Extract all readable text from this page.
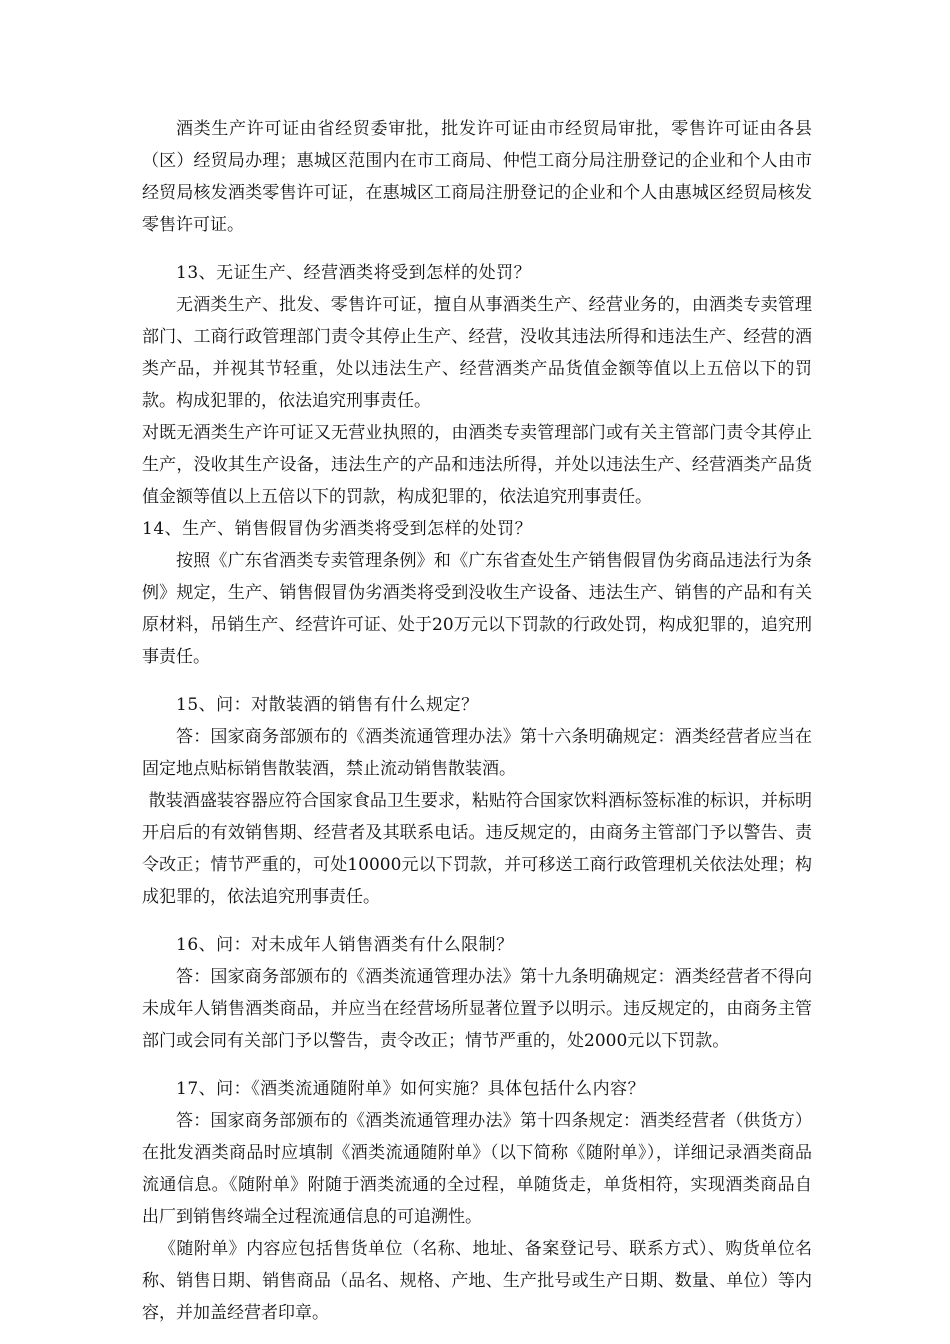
酒类生产许可证由省经贸委审批，批发许可证由市经贸局审批，零售许可证由各县（区）经贸局办理；惠城区范围内在市工商局、仲恺工商分局注册登记的企业和个人由市经贸局核发酒类零售许可证，在惠城区工商局注册登记的企业和个人由惠城区经贸局核发零售许可证。

13、无证生产、经营酒类将受到怎样的处罚？

无酒类生产、批发、零售许可证，擅自从事酒类生产、经营业务的，由酒类专卖管理部门、工商行政管理部门责令其停止生产、经营，没收其违法所得和违法生产、经营的酒类产品，并视其节轻重，处以违法生产、经营酒类产品货值金额等值以上五倍以下的罚款。构成犯罪的，依法追究刑事责任。

对既无酒类生产许可证又无营业执照的，由酒类专卖管理部门或有关主管部门责令其停止生产，没收其生产设备，违法生产的产品和违法所得，并处以违法生产、经营酒类产品货值金额等值以上五倍以下的罚款，构成犯罪的，依法追究刑事责任。

14、生产、销售假冒伪劣酒类将受到怎样的处罚？

按照《广东省酒类专卖管理条例》和《广东省查处生产销售假冒伪劣商品违法行为条例》规定，生产、销售假冒伪劣酒类将受到没收生产设备、违法生产、销售的产品和有关原材料，吊销生产、经营许可证、处于20万元以下罚款的行政处罚，构成犯罪的，追究刑事责任。

15、问：对散装酒的销售有什么规定？

答：国家商务部颁布的《酒类流通管理办法》第十六条明确规定：酒类经营者应当在固定地点贴标销售散装酒，禁止流动销售散装酒。

散装酒盛装容器应符合国家食品卫生要求，粘贴符合国家饮料酒标签标准的标识，并标明开启后的有效销售期、经营者及其联系电话。违反规定的，由商务主管部门予以警告、责令改正；情节严重的，可处10000元以下罚款，并可移送工商行政管理机关依法处理；构成犯罪的，依法追究刑事责任。

16、问：对未成年人销售酒类有什么限制？

答：国家商务部颁布的《酒类流通管理办法》第十九条明确规定：酒类经营者不得向未成年人销售酒类商品，并应当在经营场所显著位置予以明示。违反规定的，由商务主管部门或会同有关部门予以警告，责令改正；情节严重的，处2000元以下罚款。

17、问：《酒类流通随附单》如何实施？具体包括什么内容？

答：国家商务部颁布的《酒类流通管理办法》第十四条规定：酒类经营者（供货方）在批发酒类商品时应填制《酒类流通随附单》（以下简称《随附单》），详细记录酒类商品流通信息。《随附单》附随于酒类流通的全过程，单随货走，单货相符，实现酒类商品自出厂到销售终端全过程流通信息的可追溯性。

《随附单》内容应包括售货单位（名称、地址、备案登记号、联系方式）、购货单位名称、销售日期、销售商品（品名、规格、产地、生产批号或生产日期、数量、单位）等内容，并加盖经营者印章。
